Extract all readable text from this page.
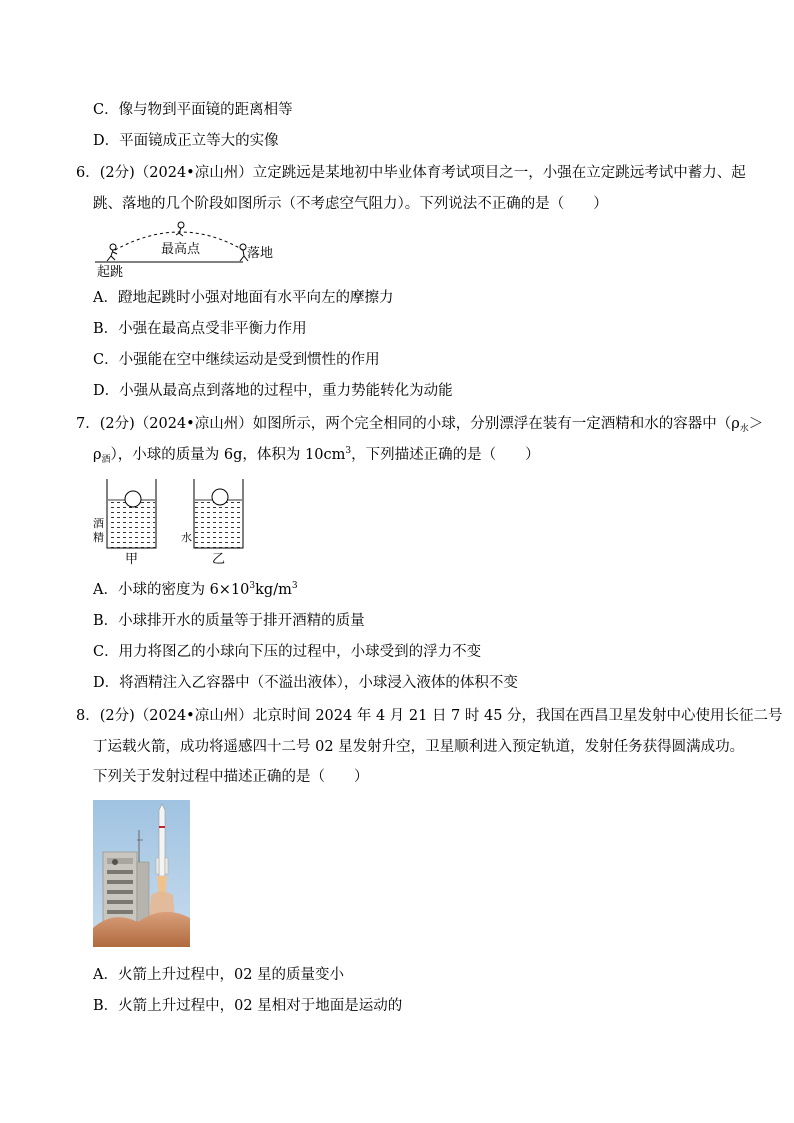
C．像与物到平面镜的距离相等
D．平面镜成正立等大的实像
6．(2分)（2024•凉山州）立定跳远是某地初中毕业体育考试项目之一，小强在立定跳远考试中蓄力、起
跳、落地的几个阶段如图所示（不考虑空气阻力）。下列说法不正确的是（　　）
最高点	落地
起跳
A．蹬地起跳时小强对地面有水平向左的摩擦力
B．小强在最高点受非平衡力作用
C．小强能在空中继续运动是受到惯性的作用
D．小强从最高点到落地的过程中，重力势能转化为动能
7．(2分)（2024•凉山州）如图所示，两个完全相同的小球，分别漂浮在装有一定酒精和水的容器中（$\rho_水>$
$\rho_酒$），小球的质量为 6g，体积为 $10cm^3$，下列描述正确的是（　　）
酒
精	水
甲	乙
A．小球的密度为 $6\times 10^3kg/m^3$
B．小球排开水的质量等于排开酒精的质量
C．用力将图乙的小球向下压的过程中，小球受到的浮力不变
D．将酒精注入乙容器中（不溢出液体），小球浸入液体的体积不变
8．(2分)（2024•凉山州）北京时间 2024 年 4 月 21 日 7 时 45 分，我国在西昌卫星发射中心使用长征二号
丁运载火箭，成功将遥感四十二号 02 星发射升空，卫星顺利进入预定轨道，发射任务获得圆满成功。
下列关于发射过程中描述正确的是（　　）
A．火箭上升过程中，02 星的质量变小
B．火箭上升过程中，02 星相对于地面是运动的
